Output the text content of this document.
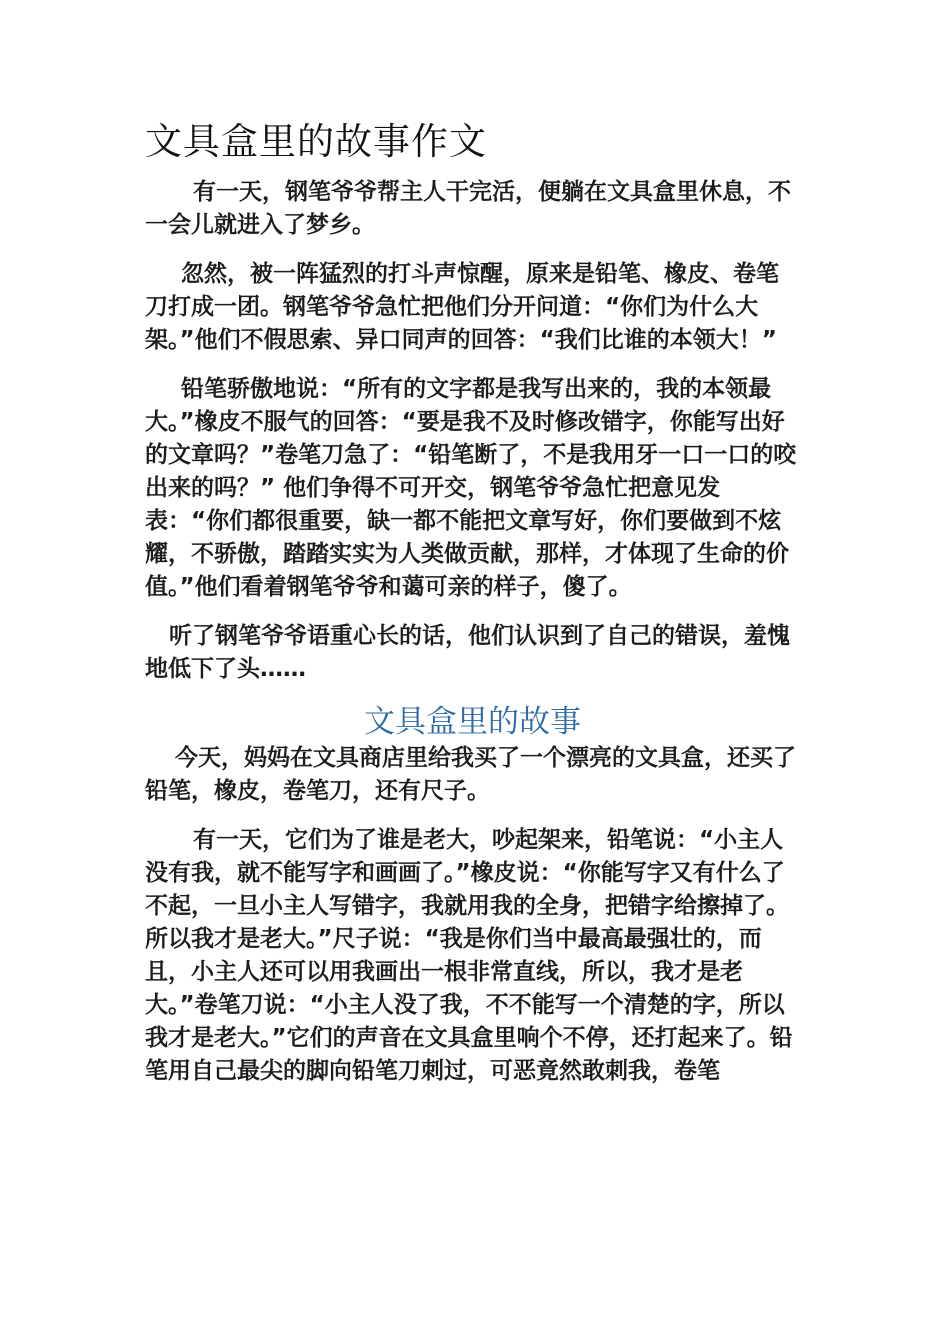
文具盒里的故事作文

有一天，钢笔爷爷帮主人干完活，便躺在文具盒里休息，不一会儿就进入了梦乡。

忽然，被一阵猛烈的打斗声惊醒，原来是铅笔、橡皮、卷笔刀打成一团。钢笔爷爷急忙把他们分开问道：“你们为什么大架。”他们不假思索、异口同声的回答：“我们比谁的本领大！”

铅笔骄傲地说：“所有的文字都是我写出来的，我的本领最大。”橡皮不服气的回答：“要是我不及时修改错字，你能写出好的文章吗？”卷笔刀急了：“铅笔断了，不是我用牙一口一口的咬出来的吗？” 他们争得不可开交，钢笔爷爷急忙把意见发表：“你们都很重要，缺一都不能把文章写好，你们要做到不炫耀，不骄傲，踏踏实实为人类做贡献，那样，才体现了生命的价值。”他们看着钢笔爷爷和蔼可亲的样子，傻了。

听了钢笔爷爷语重心长的话，他们认识到了自己的错误，羞愧地低下了头……

文具盒里的故事

今天，妈妈在文具商店里给我买了一个漂亮的文具盒，还买了铅笔，橡皮，卷笔刀，还有尺子。

有一天，它们为了谁是老大，吵起架来，铅笔说：“小主人没有我，就不能写字和画画了。”橡皮说：“你能写字又有什么了不起，一旦小主人写错字，我就用我的全身，把错字给擦掉了。所以我才是老大。”尺子说：“我是你们当中最高最强壮的，而且，小主人还可以用我画出一根非常直线，所以，我才是老大。”卷笔刀说：“小主人没了我，不不能写一个清楚的字，所以我才是老大。”它们的声音在文具盒里响个不停，还打起来了。铅笔用自己最尖的脚向铅笔刀刺过，可恶竟然敢刺我，卷笔
